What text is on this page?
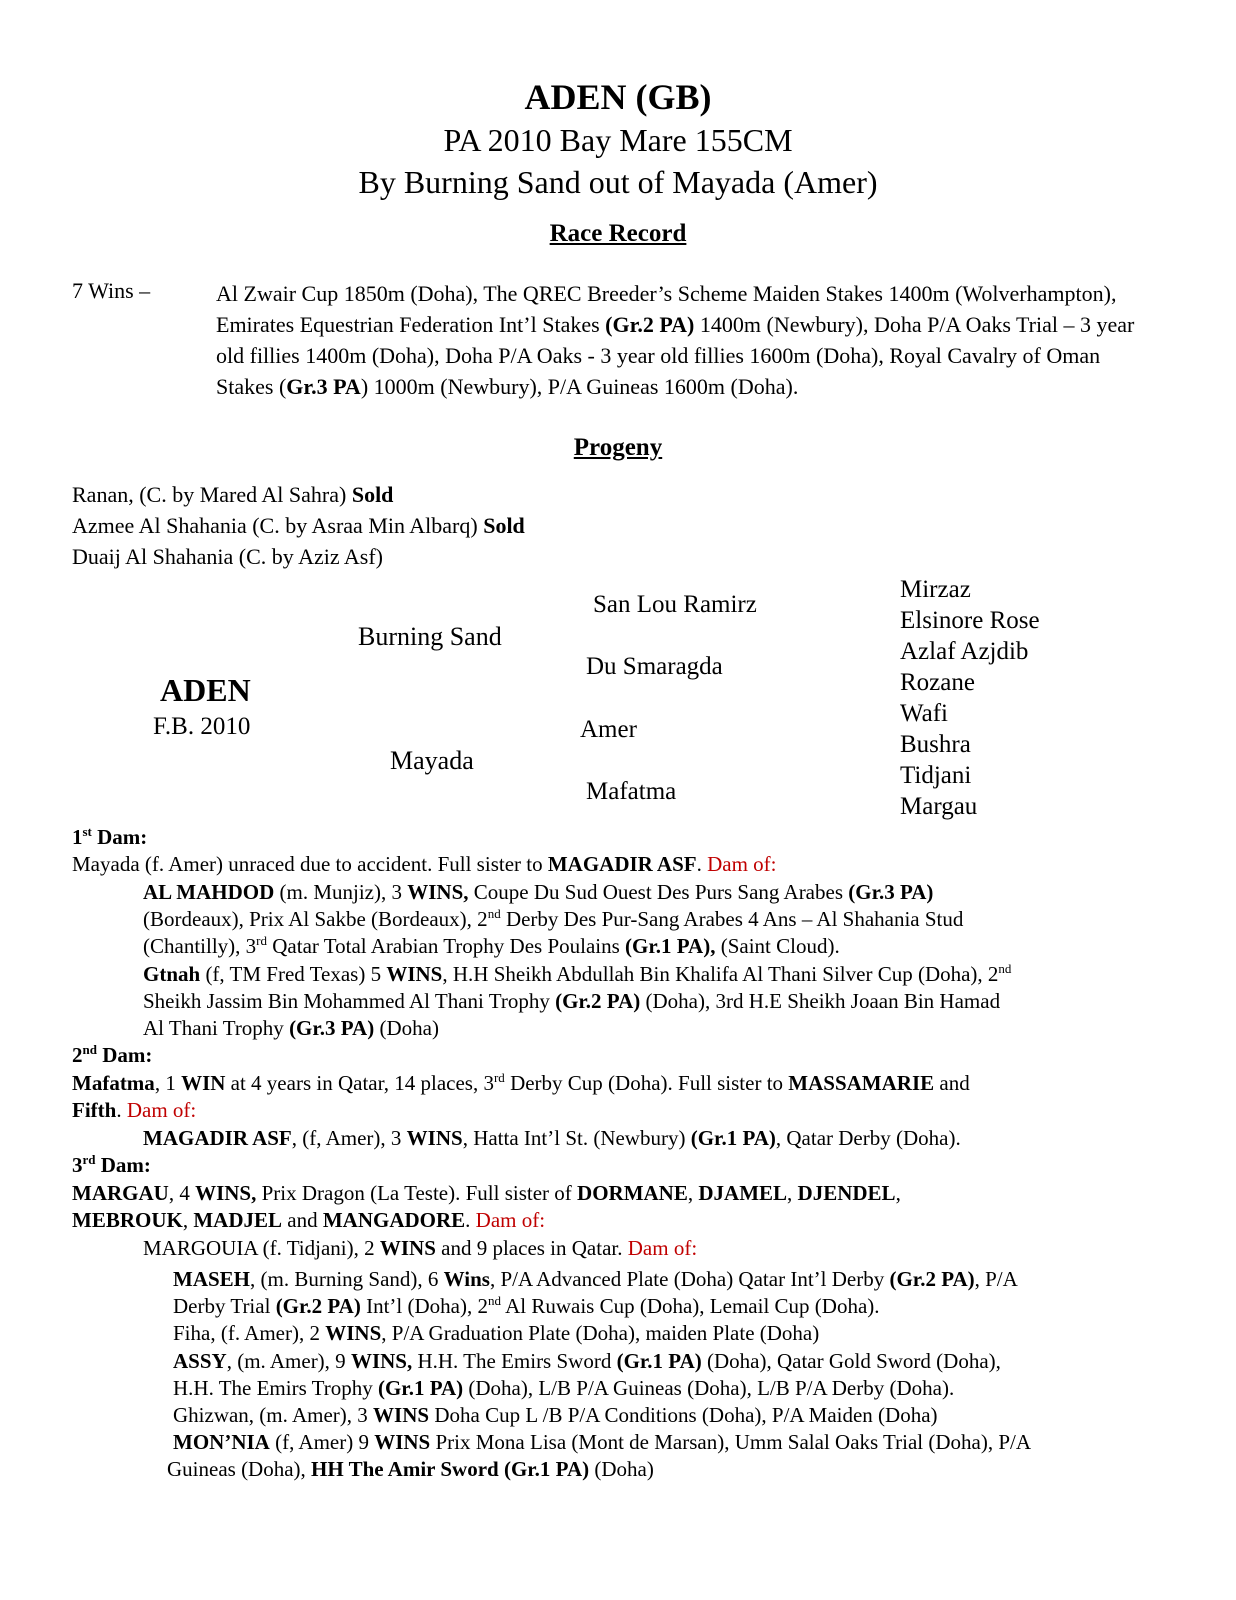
ADEN (GB)
PA 2010 Bay Mare 155CM
By Burning Sand out of Mayada (Amer)
Race Record
7 Wins –	Al Zwair Cup 1850m (Doha), The QREC Breeder’s Scheme Maiden Stakes 1400m (Wolverhampton), Emirates Equestrian Federation Int’l Stakes (Gr.2 PA) 1400m (Newbury), Doha P/A Oaks Trial – 3 year old fillies 1400m (Doha), Doha P/A Oaks - 3 year old fillies 1600m (Doha), Royal Cavalry of Oman Stakes (Gr.3 PA) 1000m (Newbury), P/A Guineas 1600m (Doha).
Progeny
Ranan, (C. by Mared Al Sahra) Sold
Azmee Al Shahania (C. by Asraa Min Albarq) Sold
Duaij Al Shahania (C. by Aziz Asf)
ADEN
F.B. 2010
Burning Sand
Mayada
San Lou Ramirz
Du Smaragda
Amer
Mafatma
Mirzaz
Elsinore Rose
Azlaf Azjdib
Rozane
Wafi
Bushra
Tidjani
Margau
1st Dam:
Mayada (f. Amer) unraced due to accident. Full sister to MAGADIR ASF. Dam of:
AL MAHDOD (m. Munjiz), 3 WINS, Coupe Du Sud Ouest Des Purs Sang Arabes (Gr.3 PA)
(Bordeaux), Prix Al Sakbe (Bordeaux), 2nd Derby Des Pur-Sang Arabes 4 Ans – Al Shahania Stud
(Chantilly), 3rd Qatar Total Arabian Trophy Des Poulains (Gr.1 PA), (Saint Cloud).
Gtnah (f, TM Fred Texas) 5 WINS, H.H Sheikh Abdullah Bin Khalifa Al Thani Silver Cup (Doha), 2nd
Sheikh Jassim Bin Mohammed Al Thani Trophy (Gr.2 PA) (Doha), 3rd H.E Sheikh Joaan Bin Hamad
Al Thani Trophy (Gr.3 PA) (Doha)
2nd Dam:
Mafatma, 1 WIN at 4 years in Qatar, 14 places, 3rd Derby Cup (Doha). Full sister to MASSAMARIE and
Fifth. Dam of:
MAGADIR ASF, (f, Amer), 3 WINS, Hatta Int’l St. (Newbury) (Gr.1 PA), Qatar Derby (Doha).
3rd Dam:
MARGAU, 4 WINS, Prix Dragon (La Teste). Full sister of DORMANE, DJAMEL, DJENDEL,
MEBROUK, MADJEL and MANGADORE. Dam of:
MARGOUIA (f. Tidjani), 2 WINS and 9 places in Qatar. Dam of:
MASEH, (m. Burning Sand), 6 Wins, P/A Advanced Plate (Doha) Qatar Int’l Derby (Gr.2 PA), P/A
Derby Trial (Gr.2 PA) Int’l (Doha), 2nd Al Ruwais Cup (Doha), Lemail Cup (Doha).
Fiha, (f. Amer), 2 WINS, P/A Graduation Plate (Doha), maiden Plate (Doha)
ASSY, (m. Amer), 9 WINS, H.H. The Emirs Sword (Gr.1 PA) (Doha), Qatar Gold Sword (Doha),
H.H. The Emirs Trophy (Gr.1 PA) (Doha), L/B P/A Guineas (Doha), L/B P/A Derby (Doha).
Ghizwan, (m. Amer), 3 WINS Doha Cup L /B P/A Conditions (Doha), P/A Maiden (Doha)
MON’NIA (f, Amer) 9 WINS Prix Mona Lisa (Mont de Marsan), Umm Salal Oaks Trial (Doha), P/A
Guineas (Doha), HH The Amir Sword (Gr.1 PA) (Doha)
